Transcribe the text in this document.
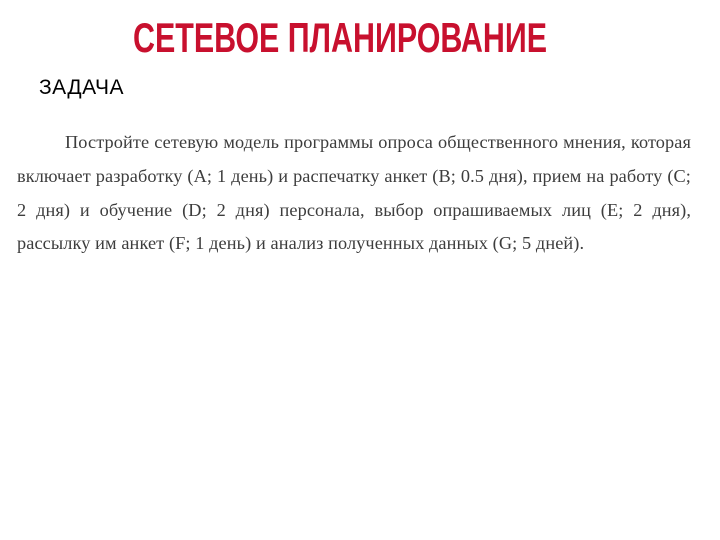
СЕТЕВОЕ ПЛАНИРОВАНИЕ
ЗАДАЧА

Постройте сетевую модель программы опроса общественного мнения, которая включает разработку (А; 1 день) и распечатку анкет (В; 0.5 дня), прием на работу (С; 2 дня) и обучение (D; 2 дня) персонала, выбор опрашиваемых лиц (Е; 2 дня), рассылку им анкет (F; 1 день) и анализ полученных данных (G; 5 дней).
